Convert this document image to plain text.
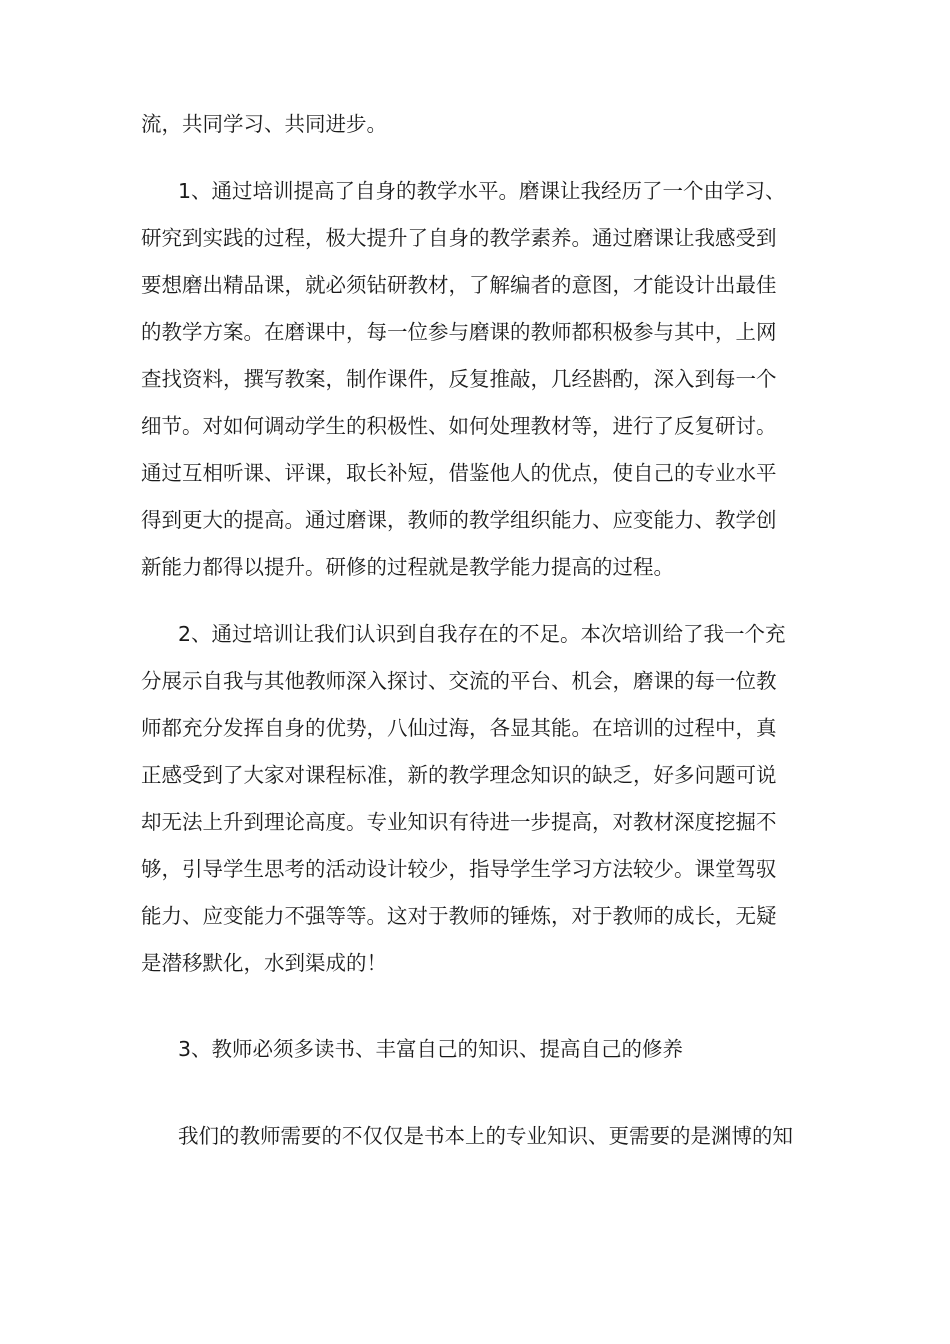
流，共同学习、共同进步。
1、通过培训提高了自身的教学水平。磨课让我经历了一个由学习、
研究到实践的过程，极大提升了自身的教学素养。通过磨课让我感受到
要想磨出精品课，就必须钻研教材，了解编者的意图，才能设计出最佳
的教学方案。在磨课中，每一位参与磨课的教师都积极参与其中，上网
查找资料，撰写教案，制作课件，反复推敲，几经斟酌，深入到每一个
细节。对如何调动学生的积极性、如何处理教材等，进行了反复研讨。
通过互相听课、评课，取长补短，借鉴他人的优点，使自己的专业水平
得到更大的提高。通过磨课，教师的教学组织能力、应变能力、教学创
新能力都得以提升。研修的过程就是教学能力提高的过程。
2、通过培训让我们认识到自我存在的不足。本次培训给了我一个充
分展示自我与其他教师深入探讨、交流的平台、机会，磨课的每一位教
师都充分发挥自身的优势，八仙过海，各显其能。在培训的过程中，真
正感受到了大家对课程标准，新的教学理念知识的缺乏，好多问题可说
却无法上升到理论高度。专业知识有待进一步提高，对教材深度挖掘不
够，引导学生思考的活动设计较少，指导学生学习方法较少。课堂驾驭
能力、应变能力不强等等。这对于教师的锤炼，对于教师的成长，无疑
是潜移默化，水到渠成的！
3、教师必须多读书、丰富自己的知识、提高自己的修养
我们的教师需要的不仅仅是书本上的专业知识、更需要的是渊博的知
